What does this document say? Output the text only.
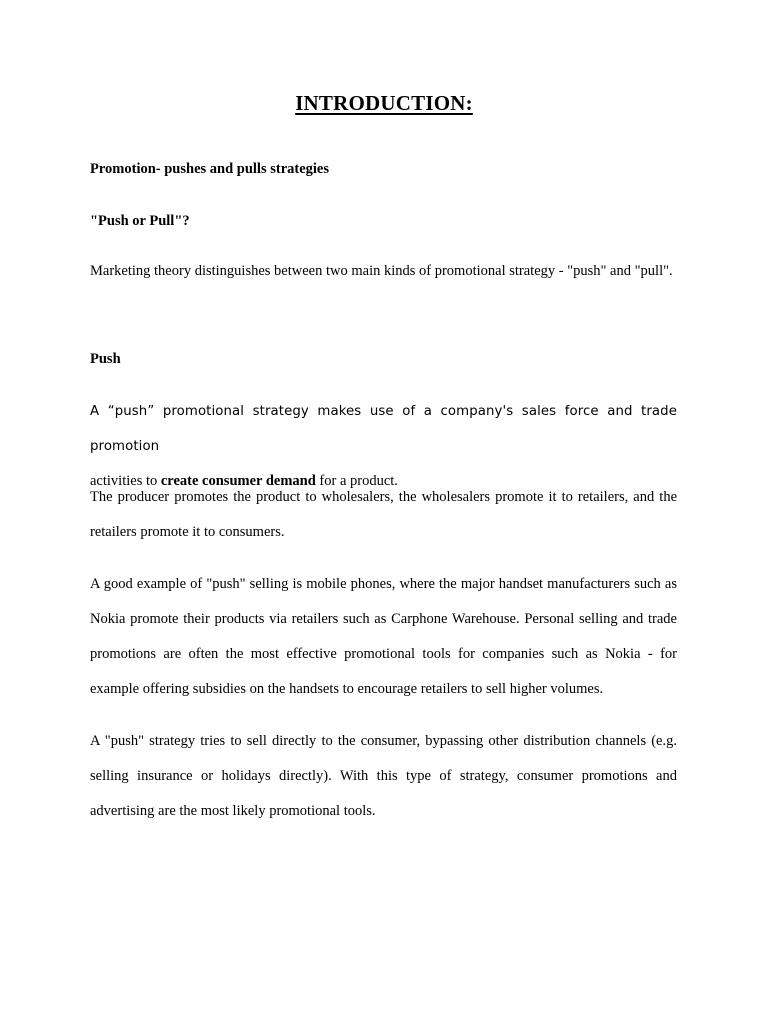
INTRODUCTION:

Promotion- pushes and pulls strategies

"Push or Pull"?

Marketing theory distinguishes between two main kinds of promotional strategy - "push" and "pull".

Push

A “push” promotional strategy makes use of a company's sales force and trade promotion
activities to create consumer demand for a product.

The producer promotes the product to wholesalers, the wholesalers promote it to retailers, and the retailers promote it to consumers.

A good example of "push" selling is mobile phones, where the major handset manufacturers such as Nokia promote their products via retailers such as Carphone Warehouse. Personal selling and trade promotions are often the most effective promotional tools for companies such as Nokia - for example offering subsidies on the handsets to encourage retailers to sell higher volumes.

A "push" strategy tries to sell directly to the consumer, bypassing other distribution channels (e.g. selling insurance or holidays directly). With this type of strategy, consumer promotions and advertising are the most likely promotional tools.
